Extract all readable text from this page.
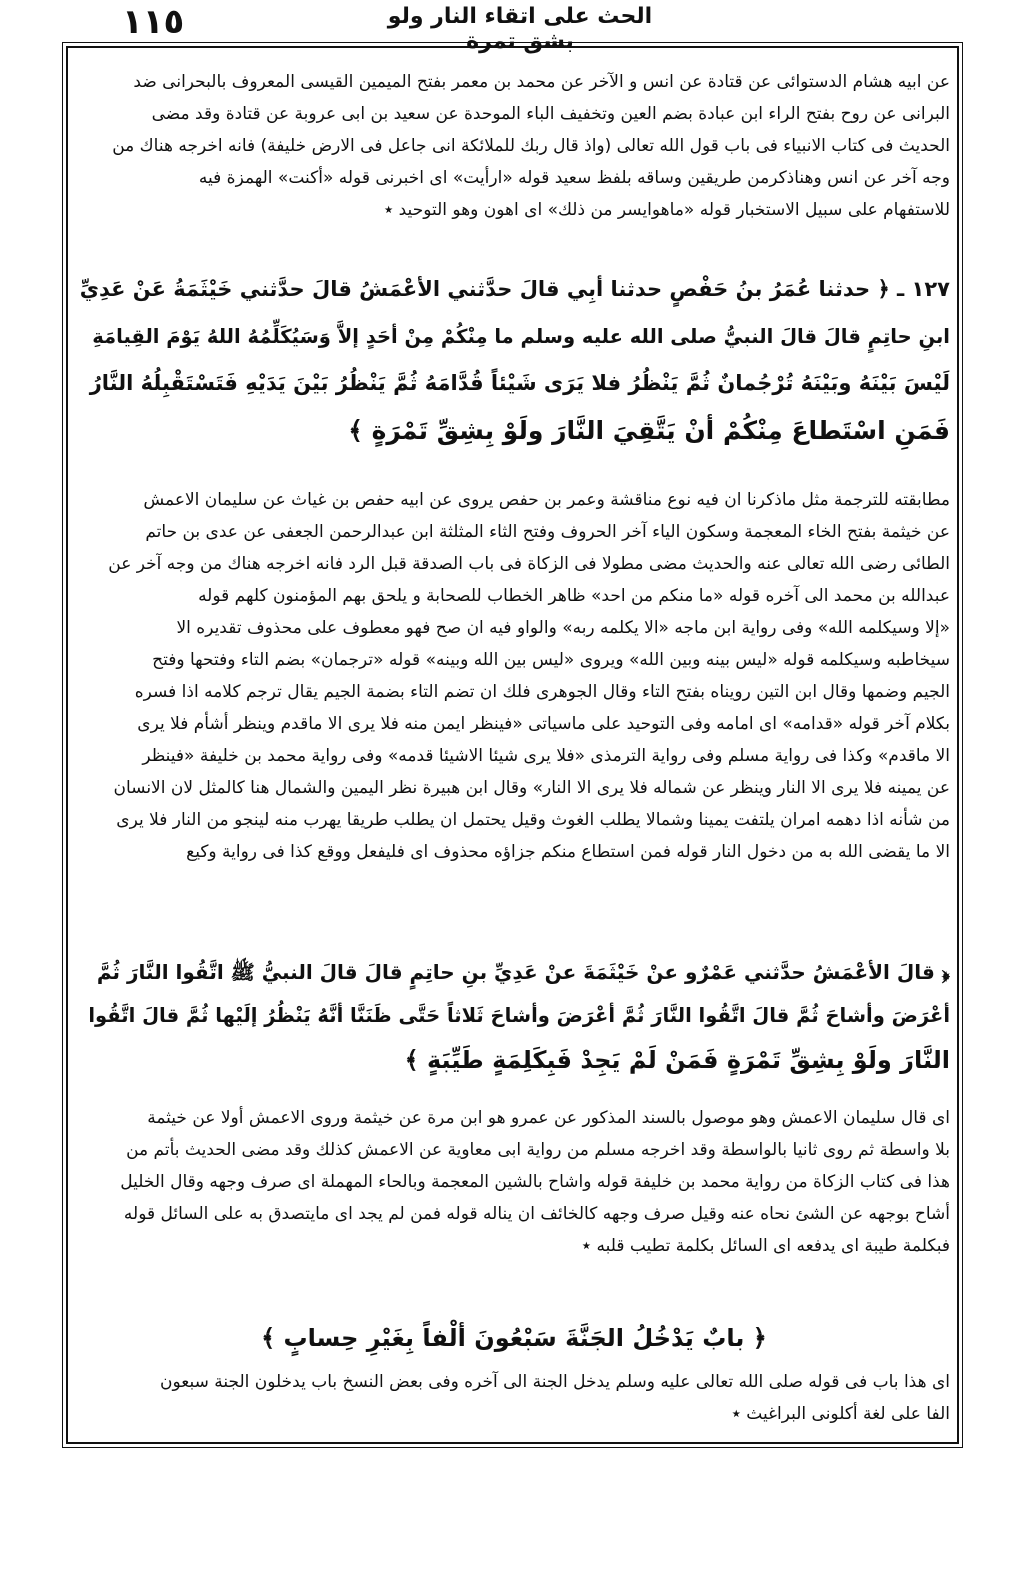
١١٥	الحث على اتقاء النار ولو بشق تمرة
عن ابيه هشام الدستوائى عن قتادة عن انس و الآخر عن محمد بن معمر بفتح الميمين القيسى المعروف بالبحرانى ضد
البرانى عن روح بفتح الراء ابن عبادة بضم العين وتخفيف الباء الموحدة عن سعيد بن ابى عروبة عن قتادة وقد مضى
الحديث فى كتاب الانبياء فى باب قول الله تعالى (واذ قال ربك للملائكة انى جاعل فى الارض خليفة) فانه اخرجه هناك من
وجه آخر عن انس وهناذكرمن طريقين وساقه بلفظ سعيد قوله «ارأيت» اى اخبرنى قوله «أكنت» الهمزة فيه
للاستفهام على سبيل الاستخبار قوله «ماهوايسر من ذلك» اى اهون وهو التوحيد ٭
١٢٧ ـ ﴿ حدثنا عُمَرُ بنُ حَفْصٍ حدثنا أبِي قالَ حدَّثني الأعْمَشُ قالَ حدَّثني خَيْثَمَةُ عَنْ عَدِيِّ
ابنِ حاتِمٍ قالَ قالَ النبيُّ صلى الله عليه وسلم ما مِنْكُمْ مِنْ أحَدٍ إلاَّ وَسَيُكَلِّمُهُ اللهُ يَوْمَ القِيامَةِ
لَيْسَ بَيْنَهُ وبَيْنَهُ تُرْجُمانٌ ثُمَّ يَنْظُرُ فلا يَرَى شَيْئاً قُدَّامَهُ ثُمَّ يَنْظُرُ بَيْنَ يَدَيْهِ فَتَسْتَقْبِلُهُ النَّارُ
فَمَنِ اسْتَطاعَ مِنْكُمْ أنْ يَتَّقِيَ النَّارَ ولَوْ بِشِقِّ تَمْرَةٍ ﴾
مطابقته للترجمة مثل ماذكرنا ان فيه نوع مناقشة وعمر بن حفص يروى عن ابيه حفص بن غياث عن سليمان الاعمش
عن خيثمة بفتح الخاء المعجمة وسكون الياء آخر الحروف وفتح الثاء المثلثة ابن عبدالرحمن الجعفى عن عدى بن حاتم
الطائى رضى الله تعالى عنه والحديث مضى مطولا فى الزكاة فى باب الصدقة قبل الرد فانه اخرجه هناك من وجه آخر عن
عبدالله بن محمد الى آخره قوله «ما منكم من احد» ظاهر الخطاب للصحابة و يلحق بهم المؤمنون كلهم قوله
«إلا وسيكلمه الله» وفى رواية ابن ماجه «الا يكلمه ربه» والواو فيه ان صح فهو معطوف على محذوف تقديره الا
سيخاطبه وسيكلمه قوله «ليس بينه وبين الله» ويروى «ليس بين الله وبينه» قوله «ترجمان» بضم التاء وفتحها وفتح
الجيم وضمها وقال ابن التين رويناه بفتح التاء وقال الجوهرى فلك ان تضم التاء بضمة الجيم يقال ترجم كلامه اذا فسره
بكلام آخر قوله «قدامه» اى امامه وفى التوحيد على ماسياتى «فينظر ايمن منه فلا يرى الا ماقدم وينظر أشأم فلا يرى
الا ماقدم» وكذا فى رواية مسلم وفى رواية الترمذى «فلا يرى شيئا الاشيئا قدمه» وفى رواية محمد بن خليفة «فينظر
عن يمينه فلا يرى الا النار وينظر عن شماله فلا يرى الا النار» وقال ابن هبيرة نظر اليمين والشمال هنا كالمثل لان الانسان
من شأنه اذا دهمه امران يلتفت يمينا وشمالا يطلب الغوث وقيل يحتمل ان يطلب طريقا يهرب منه لينجو من النار فلا يرى
الا ما يقضى الله به من دخول النار قوله فمن استطاع منكم جزاؤه محذوف اى فليفعل ووقع كذا فى رواية وكيع
﴿ قالَ الأعْمَشُ حدَّثني عَمْرٌو عنْ خَيْثَمَةَ عنْ عَدِيِّ بنِ حاتِمٍ قالَ قالَ النبيُّ ﷺ اتَّقُوا النَّارَ ثُمَّ
أعْرَضَ وأشاحَ ثُمَّ قالَ اتَّقُوا النَّارَ ثُمَّ أعْرَضَ وأشاحَ ثَلاثاً حَتَّى ظَنَنَّا أنَّهُ يَنْظُرُ إلَيْها ثُمَّ قالَ اتَّقُوا
النَّارَ ولَوْ بِشِقِّ تَمْرَةٍ فَمَنْ لَمْ يَجِدْ فَبِكَلِمَةٍ طَيِّبَةٍ ﴾
اى قال سليمان الاعمش وهو موصول بالسند المذكور عن عمرو هو ابن مرة عن خيثمة وروى الاعمش أولا عن خيثمة
بلا واسطة ثم روى ثانيا بالواسطة وقد اخرجه مسلم من رواية ابى معاوية عن الاعمش كذلك وقد مضى الحديث بأتم من
هذا فى كتاب الزكاة من رواية محمد بن خليفة قوله واشاح بالشين المعجمة وبالحاء المهملة اى صرف وجهه وقال الخليل
أشاح بوجهه عن الشئ نحاه عنه وقيل صرف وجهه كالخائف ان يناله قوله فمن لم يجد اى مايتصدق به على السائل قوله
فبكلمة طيبة اى يدفعه اى السائل بكلمة تطيب قلبه ٭
﴿ بابٌ يَدْخُلُ الجَنَّةَ سَبْعُونَ ألْفاً بِغَيْرِ حِسابٍ ﴾
اى هذا باب فى قوله صلى الله تعالى عليه وسلم يدخل الجنة الى آخره وفى بعض النسخ باب يدخلون الجنة سبعون
الفا على لغة أكلونى البراغيث ٭
